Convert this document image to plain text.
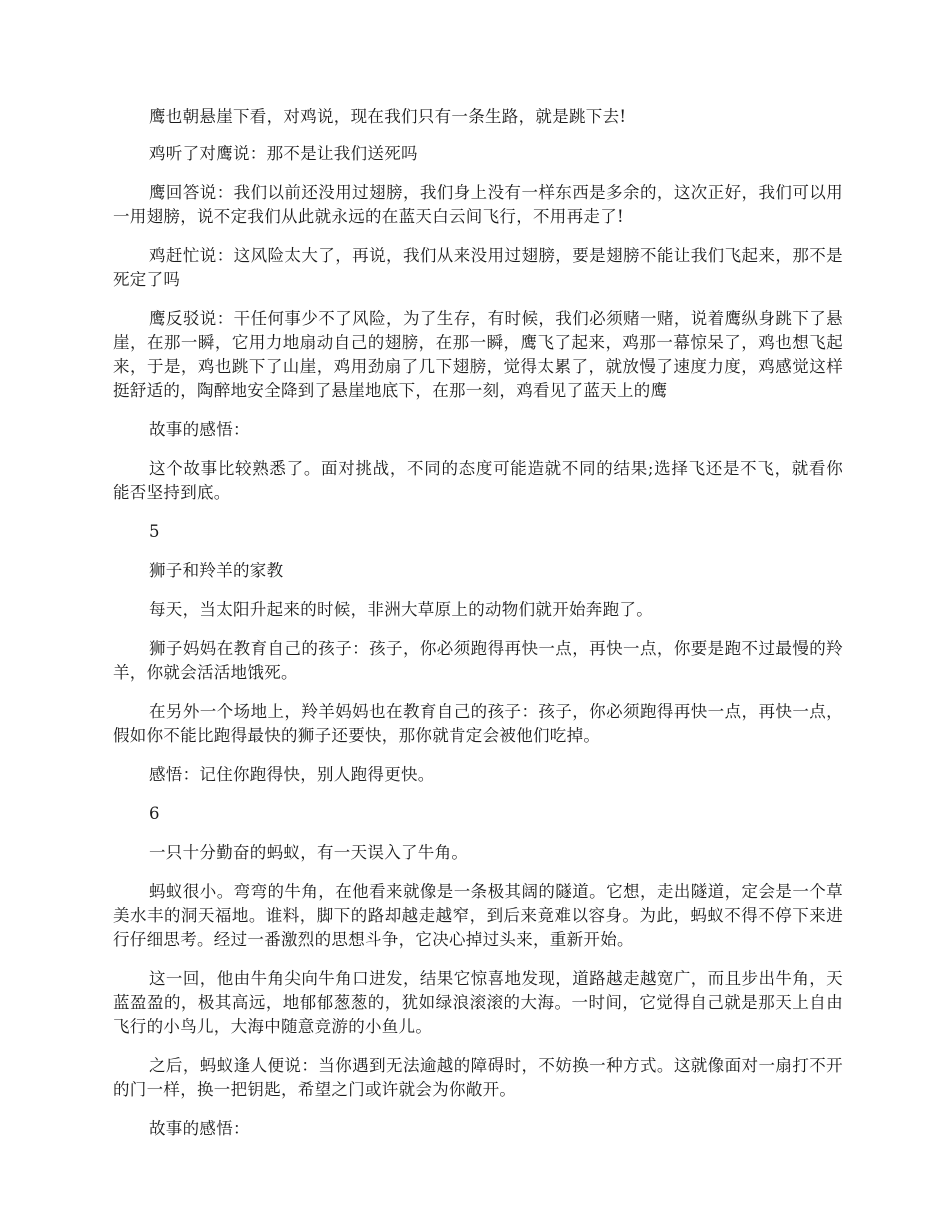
鹰也朝悬崖下看，对鸡说，现在我们只有一条生路，就是跳下去!

鸡听了对鹰说：那不是让我们送死吗

鹰回答说：我们以前还没用过翅膀，我们身上没有一样东西是多余的，这次正好，我们可以用一用翅膀，说不定我们从此就永远的在蓝天白云间飞行，不用再走了!

鸡赶忙说：这风险太大了，再说，我们从来没用过翅膀，要是翅膀不能让我们飞起来，那不是死定了吗

鹰反驳说：干任何事少不了风险，为了生存，有时候，我们必须赌一赌，说着鹰纵身跳下了悬崖，在那一瞬，它用力地扇动自己的翅膀，在那一瞬，鹰飞了起来，鸡那一幕惊呆了，鸡也想飞起来，于是，鸡也跳下了山崖，鸡用劲扇了几下翅膀，觉得太累了，就放慢了速度力度，鸡感觉这样挺舒适的，陶醉地安全降到了悬崖地底下，在那一刻，鸡看见了蓝天上的鹰

故事的感悟：

这个故事比较熟悉了。面对挑战，不同的态度可能造就不同的结果;选择飞还是不飞，就看你能否坚持到底。

5

狮子和羚羊的家教

每天，当太阳升起来的时候，非洲大草原上的动物们就开始奔跑了。

狮子妈妈在教育自己的孩子：孩子，你必须跑得再快一点，再快一点，你要是跑不过最慢的羚羊，你就会活活地饿死。

在另外一个场地上，羚羊妈妈也在教育自己的孩子：孩子，你必须跑得再快一点，再快一点，假如你不能比跑得最快的狮子还要快，那你就肯定会被他们吃掉。

感悟：记住你跑得快，别人跑得更快。

6

一只十分勤奋的蚂蚁，有一天误入了牛角。

蚂蚁很小。弯弯的牛角，在他看来就像是一条极其阔的隧道。它想，走出隧道，定会是一个草美水丰的洞天福地。谁料，脚下的路却越走越窄，到后来竟难以容身。为此，蚂蚁不得不停下来进行仔细思考。经过一番激烈的思想斗争，它决心掉过头来，重新开始。

这一回，他由牛角尖向牛角口进发，结果它惊喜地发现，道路越走越宽广，而且步出牛角，天蓝盈盈的，极其高远，地郁郁葱葱的，犹如绿浪滚滚的大海。一时间，它觉得自己就是那天上自由飞行的小鸟儿，大海中随意竞游的小鱼儿。

之后，蚂蚁逢人便说：当你遇到无法逾越的障碍时，不妨换一种方式。这就像面对一扇打不开的门一样，换一把钥匙，希望之门或许就会为你敞开。

故事的感悟：
